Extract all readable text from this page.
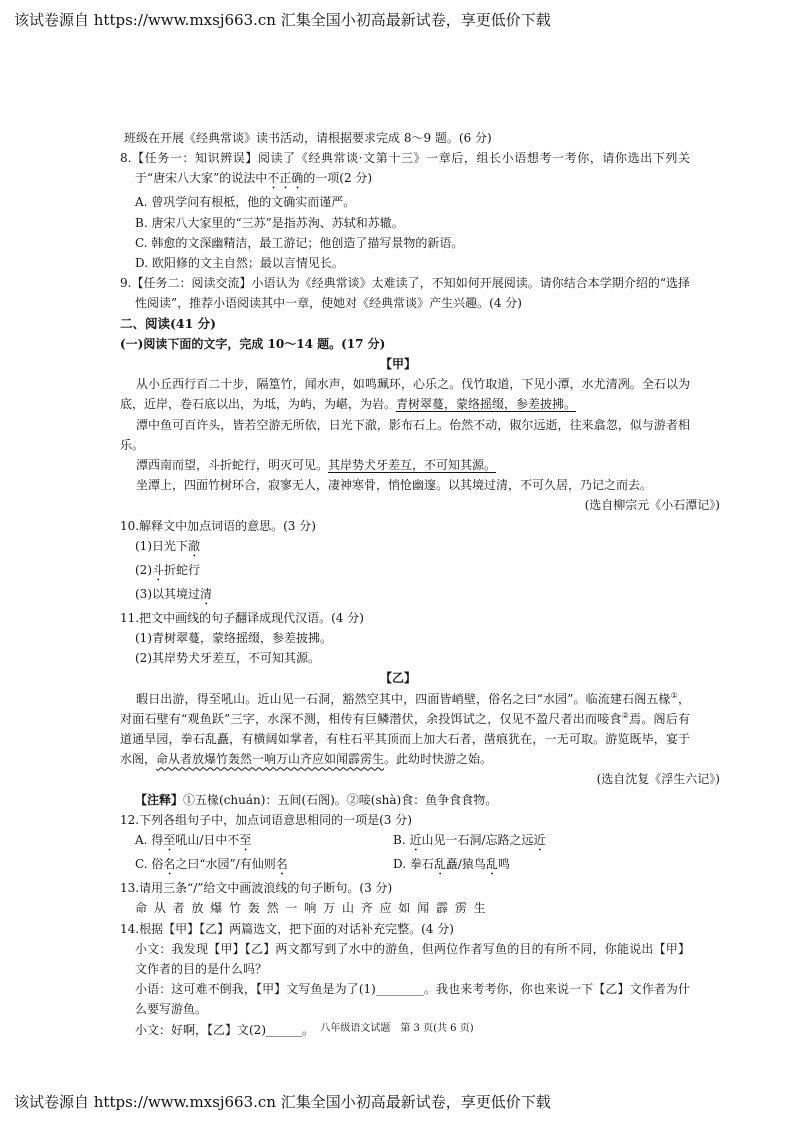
该试卷源自 https://www.mxsj663.cn 汇集全国小初高最新试卷，享更低价下载
班级在开展《经典常谈》读书活动，请根据要求完成 8～9 题。(6 分)
8.【任务一：知识辨误】阅读了《经典常谈·文第十三》一章后，组长小语想考一考你，请你选出下列关于“唐宋八大家”的说法中不正确的一项(2 分)
A. 曾巩学问有根柢，他的文确实而谨严。
B. 唐宋八大家里的“三苏”是指苏洵、苏轼和苏辙。
C. 韩愈的文深幽精洁，最工游记；他创造了描写景物的新语。
D. 欧阳修的文主自然；最以言情见长。
9.【任务二：阅读交流】小语认为《经典常谈》太难读了，不知如何开展阅读。请你结合本学期介绍的“选择性阅读”，推荐小语阅读其中一章，使她对《经典常谈》产生兴趣。(4 分)
二、阅读(41 分)
(一)阅读下面的文字，完成 10～14 题。(17 分)
【甲】
从小丘西行百二十步，隔篁竹，闻水声，如鸣珮环，心乐之。伐竹取道，下见小潭，水尤清冽。全石以为底，近岸，卷石底以出，为坻，为屿，为嵁，为岩。青树翠蔓，蒙络摇缀，参差披拂。
潭中鱼可百许头，皆若空游无所依，日光下澈，影布石上。佁然不动，俶尔远逝，往来翕忽，似与游者相乐。
潭西南而望，斗折蛇行，明灭可见。其岸势犬牙差互，不可知其源。
坐潭上，四面竹树环合，寂寥无人，凄神寒骨，悄怆幽邃。以其境过清，不可久居，乃记之而去。
(选自柳宗元《小石潭记》)
10.解释文中加点词语的意思。(3 分)
(1)日光下澈
(2)斗折蛇行
(3)以其境过清
11.把文中画线的句子翻译成现代汉语。(4 分)
(1)青树翠蔓，蒙络摇缀，参差披拂。
(2)其岸势犬牙差互，不可知其源。
【乙】
暇日出游，得至吼山。近山见一石洞，豁然空其中，四面皆峭壁，俗名之曰“水园”。临流建石阁五椽①，对面石壁有“观鱼跃”三字，水深不测，相传有巨鳞潜伏，余投饵试之，仅见不盈尺者出而唼食②焉。阁后有道通旱园，拳石乱矗，有横阔如掌者，有柱石平其顶而上加大石者，凿痕犹在，一无可取。游览既毕，宴于水阁，命从者放爆竹轰然一响万山齐应如闻霹雳生。此幼时快游之始。
(选自沈复《浮生六记》)
【注释】①五椽(chuán)：五间(石阁)。②唼(shà)食：鱼争食食物。
12.下列各组句子中，加点词语意思相同的一项是(3 分)
A. 得至吼山/日中不至	B. 近山见一石洞/忘路之远近
C. 俗名之曰“水园”/有仙则名	D. 拳石乱矗/猿鸟乱鸣
13.请用三条“/”给文中画波浪线的句子断句。(3 分)
命 从 者 放 爆 竹 轰 然 一 响 万 山 齐 应 如 闻 霹 雳 生
14.根据【甲】【乙】两篇选文，把下面的对话补充完整。(4 分)
小文：我发现【甲】【乙】两文都写到了水中的游鱼，但两位作者写鱼的目的有所不同，你能说出【甲】文作者的目的是什么吗？
小语：这可难不倒我，【甲】文写鱼是为了(1)________。我也来考考你，你也来说一下【乙】文作者为什么要写游鱼。
小文：好啊，【乙】文(2)______。 八年级语文试题　第 3 页(共 6 页)
该试卷源自 https://www.mxsj663.cn 汇集全国小初高最新试卷，享更低价下载
